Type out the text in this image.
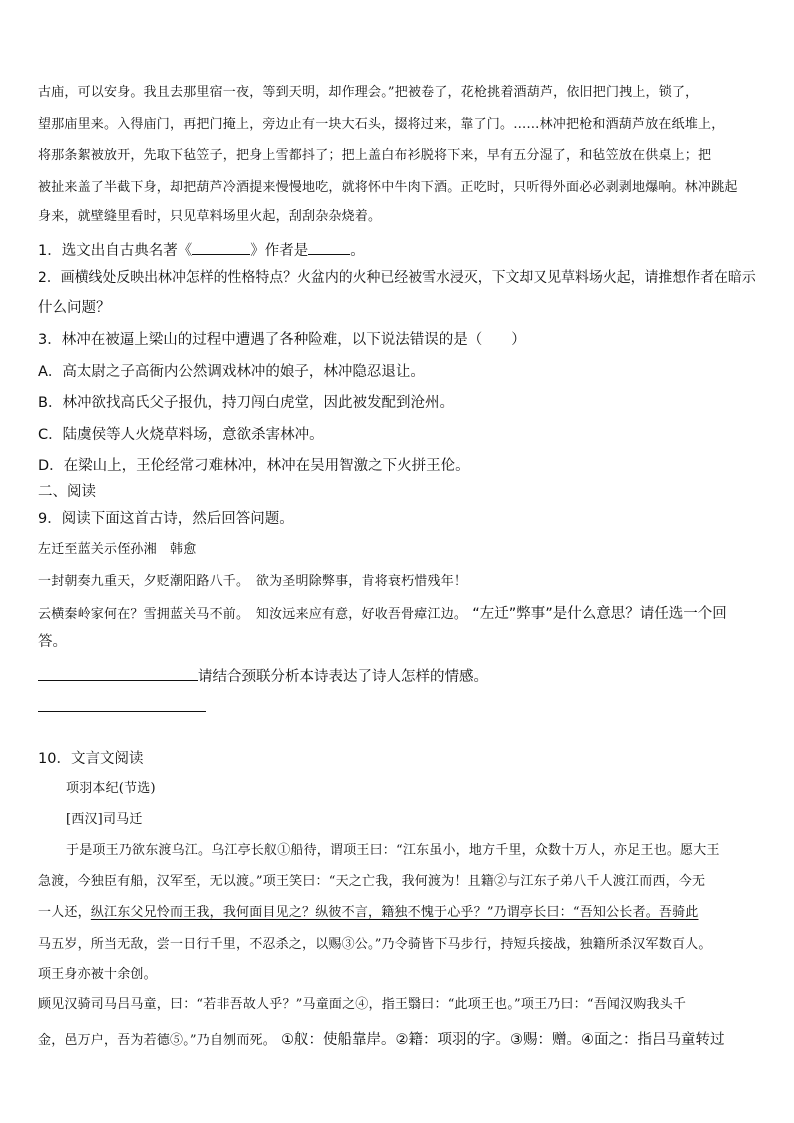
古庙，可以安身。我且去那里宿一夜，等到天明，却作理会。”把被卷了，花枪挑着酒葫芦，依旧把门拽上，锁了，
望那庙里来。入得庙门，再把门掩上，旁边止有一块大石头，掇将过来，靠了门。……林冲把枪和酒葫芦放在纸堆上，
将那条絮被放开，先取下毡笠子，把身上雪都抖了；把上盖白布衫脱将下来，早有五分湿了，和毡笠放在供桌上；把
被扯来盖了半截下身，却把葫芦冷酒提来慢慢地吃，就将怀中牛肉下酒。正吃时，只听得外面必必剥剥地爆响。林冲跳起
身来，就壁缝里看时，只见草料场里火起，刮刮杂杂烧着。
1．选文出自古典名著《	》作者是	。
2．画横线处反映出林冲怎样的性格特点？火盆内的火种已经被雪水浸灭，下文却又见草料场火起，请推想作者在暗示
什么问题？
3．林冲在被逼上梁山的过程中遭遇了各种险难，以下说法错误的是（　　）
A．高太尉之子高衙内公然调戏林冲的娘子，林冲隐忍退让。
B．林冲欲找高氏父子报仇，持刀闯白虎堂，因此被发配到沧州。
C．陆虞侯等人火烧草料场，意欲杀害林冲。
D．在梁山上，王伦经常刁难林冲，林冲在吴用智激之下火拼王伦。
二、阅读
9．阅读下面这首古诗，然后回答问题。
左迁至蓝关示侄孙湘　韩愈
一封朝奏九重天，夕贬潮阳路八千。　欲为圣明除弊事，肯将衰朽惜残年！
云横秦岭家何在？雪拥蓝关马不前。　知汝远来应有意，好收吾骨瘴江边。 “左迁”弊事”是什么意思？请任选一个回
答。
请结合颈联分析本诗表达了诗人怎样的情感。
10．文言文阅读
项羽本纪(节选)
[西汉]司马迁
于是项王乃欲东渡乌江。乌江亭长舣①船待，谓项王曰：“江东虽小，地方千里，众数十万人，亦足王也。愿大王
急渡，今独臣有船，汉军至，无以渡。”项王笑曰：“天之亡我，我何渡为！且籍②与江东子弟八千人渡江而西，今无
一人还，纵江东父兄怜而王我，我何面目见之？纵彼不言，籍独不愧于心乎？”乃谓亭长曰：“吾知公长者。吾骑此
马五岁，所当无敌，尝一日行千里，不忍杀之，以赐③公。”乃令骑皆下马步行，持短兵接战，独籍所杀汉军数百人。
项王身亦被十余创。
顾见汉骑司马吕马童，曰：“若非吾故人乎？”马童面之④，指王翳曰：“此项王也。”项王乃曰：“吾闻汉购我头千
金，邑万户，吾为若德⑤。”乃自刎而死。 ①舣：使船靠岸。②籍：项羽的字。③赐：赠。④面之：指吕马童转过
